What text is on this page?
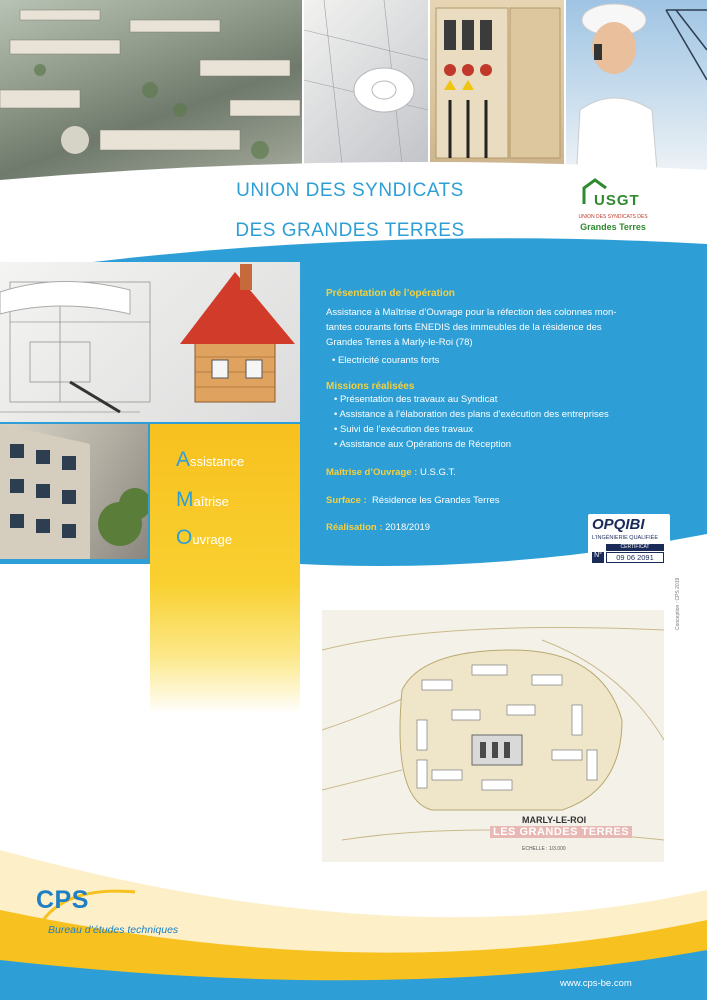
UNION DES SYNDICATS
DES GRANDES TERRES
USGT
UNION DES SYNDICATS DES
Grandes Terres
Assistance
Maîtrise
Ouvrage
Présentation de l’opération
Assistance à Maîtrise d’Ouvrage pour la réfection des colonnes mon-
tantes courants forts ENEDIS des immeubles de la résidence des
Grandes Terres à Marly-le-Roi (78)
• Electricité courants forts
Missions réalisées
• Présentation des travaux au Syndicat
• Assistance à l’élaboration des plans d’exécution des entreprises
• Suivi de l’exécution des travaux
• Assistance aux Opérations de Réception
Maîtrise d’Ouvrage : U.S.G.T.
Surface : Résidence les Grandes Terres
Réalisation : 2018/2019	OPQIBI
L’INGÉNIERIE QUALIFIÉE
CERTIFICAT
N°	09 06 2091
MARLY-LE-ROI
LES GRANDES TERRES
ECHELLE : 1/3.000
Conception : CPS 2019
CPS
Bureau d’études techniques
www.cps-be.com
